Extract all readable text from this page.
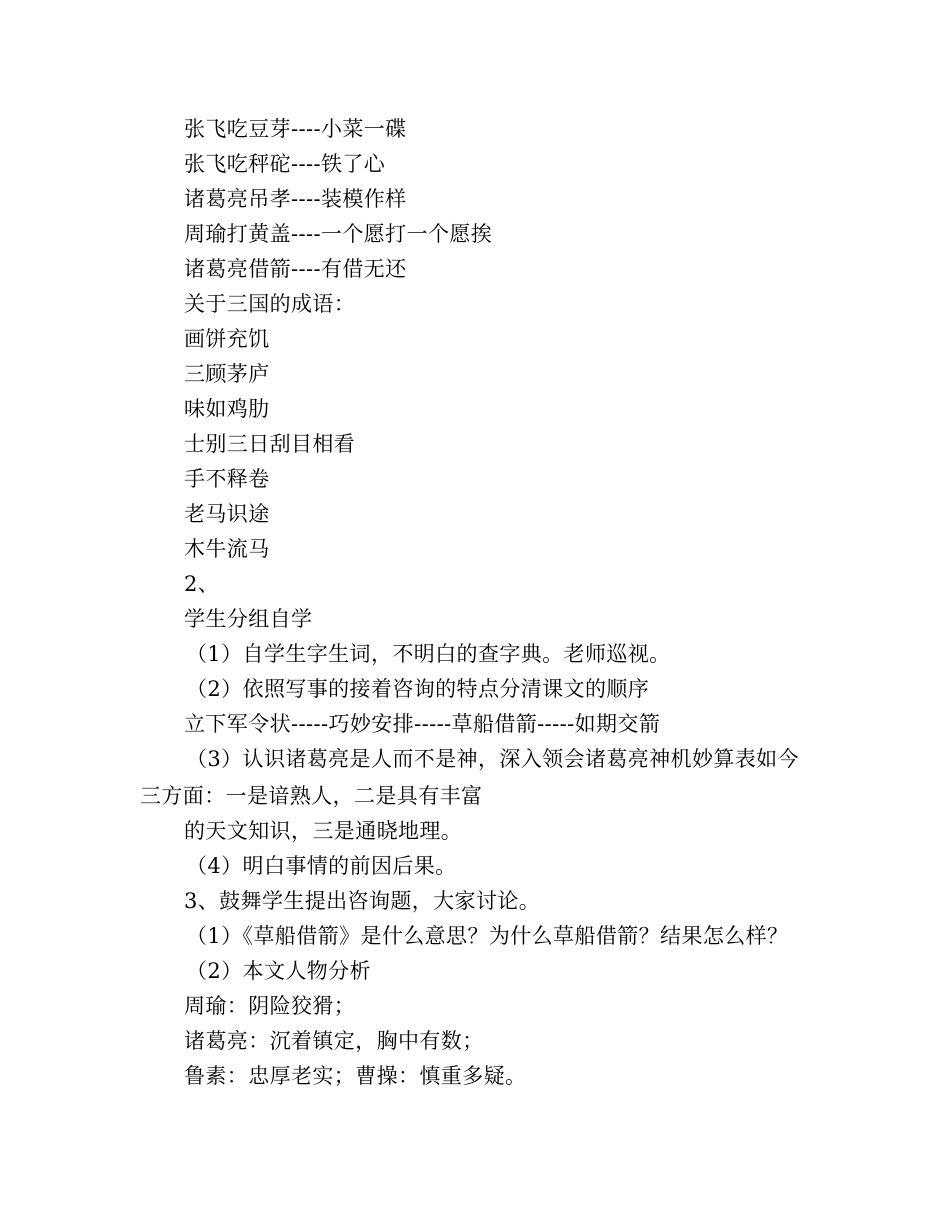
张飞吃豆芽----小菜一碟
张飞吃秤砣----铁了心
诸葛亮吊孝----装模作样
周瑜打黄盖----一个愿打一个愿挨
诸葛亮借箭----有借无还
关于三国的成语：
画饼充饥
三顾茅庐
味如鸡肋
士别三日刮目相看
手不释卷
老马识途
木牛流马
2、
学生分组自学
（1）自学生字生词，不明白的查字典。老师巡视。
（2）依照写事的接着咨询的特点分清课文的顺序
立下军令状-----巧妙安排-----草船借箭-----如期交箭
（3）认识诸葛亮是人而不是神，深入领会诸葛亮神机妙算表如今
三方面：一是谙熟人，二是具有丰富
的天文知识，三是通晓地理。
（4）明白事情的前因后果。
3、鼓舞学生提出咨询题，大家讨论。
（1）《草船借箭》是什么意思？为什么草船借箭？结果怎么样？
（2）本文人物分析
周瑜：阴险狡猾；
诸葛亮：沉着镇定，胸中有数；
鲁素：忠厚老实；曹操：慎重多疑。
